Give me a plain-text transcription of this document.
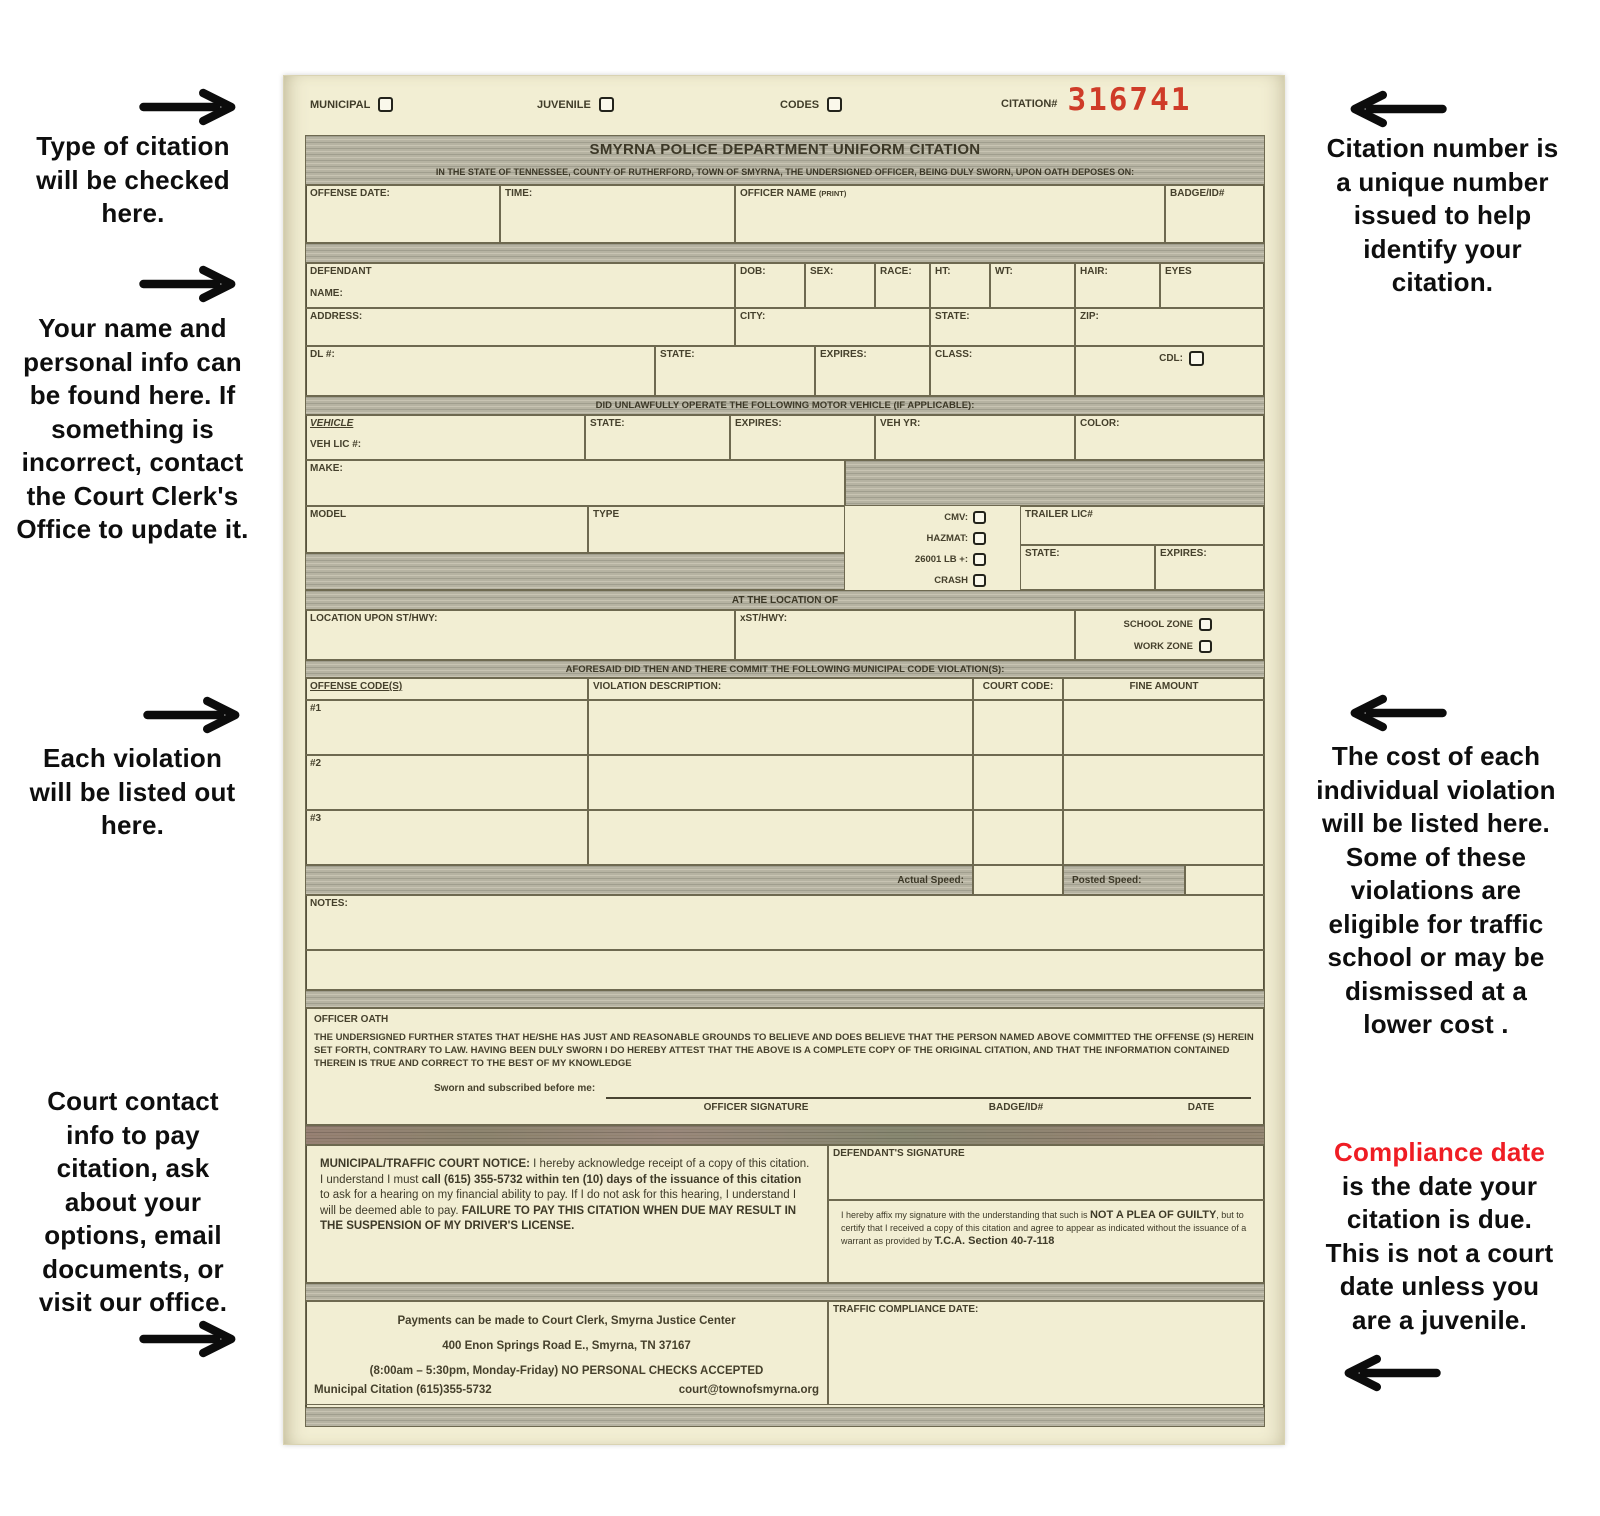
MUNICIPAL	JUVENILE	CODES	CITATION# 316741
SMYRNA POLICE DEPARTMENT UNIFORM CITATION
IN THE STATE OF TENNESSEE, COUNTY OF RUTHERFORD, TOWN OF SMYRNA, THE UNDERSIGNED OFFICER, BEING DULY SWORN, UPON OATH DEPOSES ON:
OFFENSE DATE:	TIME:	OFFICER NAME (PRINT)	BADGE/ID#
DEFENDANT
NAME:
DOB:	SEX:	RACE:	HT:	WT:	HAIR:	EYES
ADDRESS:	CITY:	STATE:	ZIP:
DL #:	STATE:	EXPIRES:	CLASS:	CDL:
DID UNLAWFULLY OPERATE THE FOLLOWING MOTOR VEHICLE (IF APPLICABLE):
VEHICLE
VEH LIC #:
STATE:	EXPIRES:	VEH YR:	COLOR:
MAKE:
MODEL	TYPE	CMV:
HAZMAT:
26001 LB +:
CRASH
TRAILER LIC#
STATE:	EXPIRES:
AT THE LOCATION OF
LOCATION UPON ST/HWY:	xST/HWY:	SCHOOL ZONE
WORK ZONE
AFORESAID DID THEN AND THERE COMMIT THE FOLLOWING MUNICIPAL CODE VIOLATION(S):
OFFENSE CODE(S)	VIOLATION DESCRIPTION:	COURT CODE:	FINE AMOUNT
#1
#2
#3
Actual Speed:	Posted Speed:
NOTES:
OFFICER OATH
THE UNDERSIGNED FURTHER STATES THAT HE/SHE HAS JUST AND REASONABLE GROUNDS TO BELIEVE AND DOES BELIEVE THAT THE PERSON NAMED ABOVE COMMITTED THE OFFENSE (S) HEREIN SET FORTH, CONTRARY TO LAW. HAVING BEEN DULY SWORN I DO HEREBY ATTEST THAT THE ABOVE IS A COMPLETE COPY OF THE ORIGINAL CITATION, AND THAT THE INFORMATION CONTAINED THEREIN IS TRUE AND CORRECT TO THE BEST OF MY KNOWLEDGE
Sworn and subscribed before me:
OFFICER SIGNATURE	BADGE/ID#	DATE
MUNICIPAL/TRAFFIC COURT NOTICE: I hereby acknowledge receipt of a copy of this citation. I understand I must call (615) 355-5732 within ten (10) days of the issuance of this citation to ask for a hearing on my financial ability to pay. If I do not ask for this hearing, I understand I will be deemed able to pay. FAILURE TO PAY THIS CITATION WHEN DUE MAY RESULT IN THE SUSPENSION OF MY DRIVER'S LICENSE.
DEFENDANT'S SIGNATURE
I hereby affix my signature with the understanding that such is NOT A PLEA OF GUILTY, but to certify that I received a copy of this citation and agree to appear as indicated without the issuance of a warrant as provided by T.C.A. Section 40-7-118
Payments can be made to Court Clerk, Smyrna Justice Center
400 Enon Springs Road E., Smyrna, TN 37167
(8:00am – 5:30pm, Monday-Friday) NO PERSONAL CHECKS ACCEPTED
Municipal Citation (615)355-5732	court@townofsmyrna.org
TRAFFIC COMPLIANCE DATE:
Type of citation will be checked here.
Your name and personal info can be found here. If something is incorrect, contact the Court Clerk's Office to update it.
Each violation will be listed out here.
Court contact info to pay citation, ask about your options, email documents, or visit our office.
Citation number is a unique number issued to help identify your citation.
The cost of each individual violation will be listed here. Some of these violations are eligible for traffic school or may be dismissed at a lower cost .
Compliance date is the date your citation is due. This is not a court date unless you are a juvenile.
